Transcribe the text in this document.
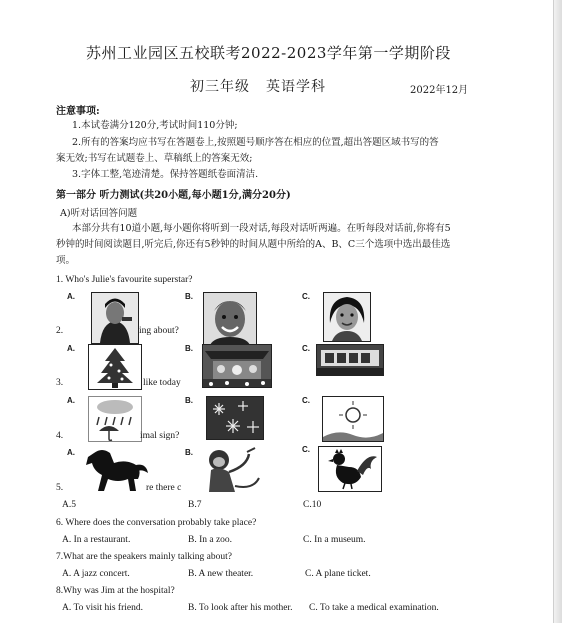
苏州工业园区五校联考2022-2023学年第一学期阶段
初三年级 英语学科	2022年12月
注意事项:
1.本试卷满分120分,考试时间110分钟;
2.所有的答案均应书写在答题卷上,按照题号顺序答在相应的位置,超出答题区域书写的答
案无效;书写在试题卷上、草稿纸上的答案无效;
3.字体工整,笔迹清楚。保持答题纸卷面清洁.
第一部分 听力测试(共20小题,每小题1分,满分20分)
A)听对话回答问题
本部分共有10道小题,每小题你将听到一段对话,每段对话听两遍。在听每段对话前,你将有5
秒钟的时间阅读题目,听完后,你还有5秒钟的时间从题中所给的A、B、C三个选项中选出最佳选
项。
1. Who's Julie's favourite superstar?
A.	B.	C.
2.	ing about?
A.	B.	C.
3.	like today
A.	B.	C.
4.	imal sign?
A.	B.	C.
5.	re there c
A.5	B.7	C.10
6. Where does the conversation probably take place?
A. In a restaurant.	B. In a zoo.	C. In a museum.
7.What are the speakers mainly talking about?
A. A jazz concert.	B. A new theater.	C. A plane ticket.
8.Why was Jim at the hospital?
A. To visit his friend.	B. To look after his mother. C. To take a medical examination.
